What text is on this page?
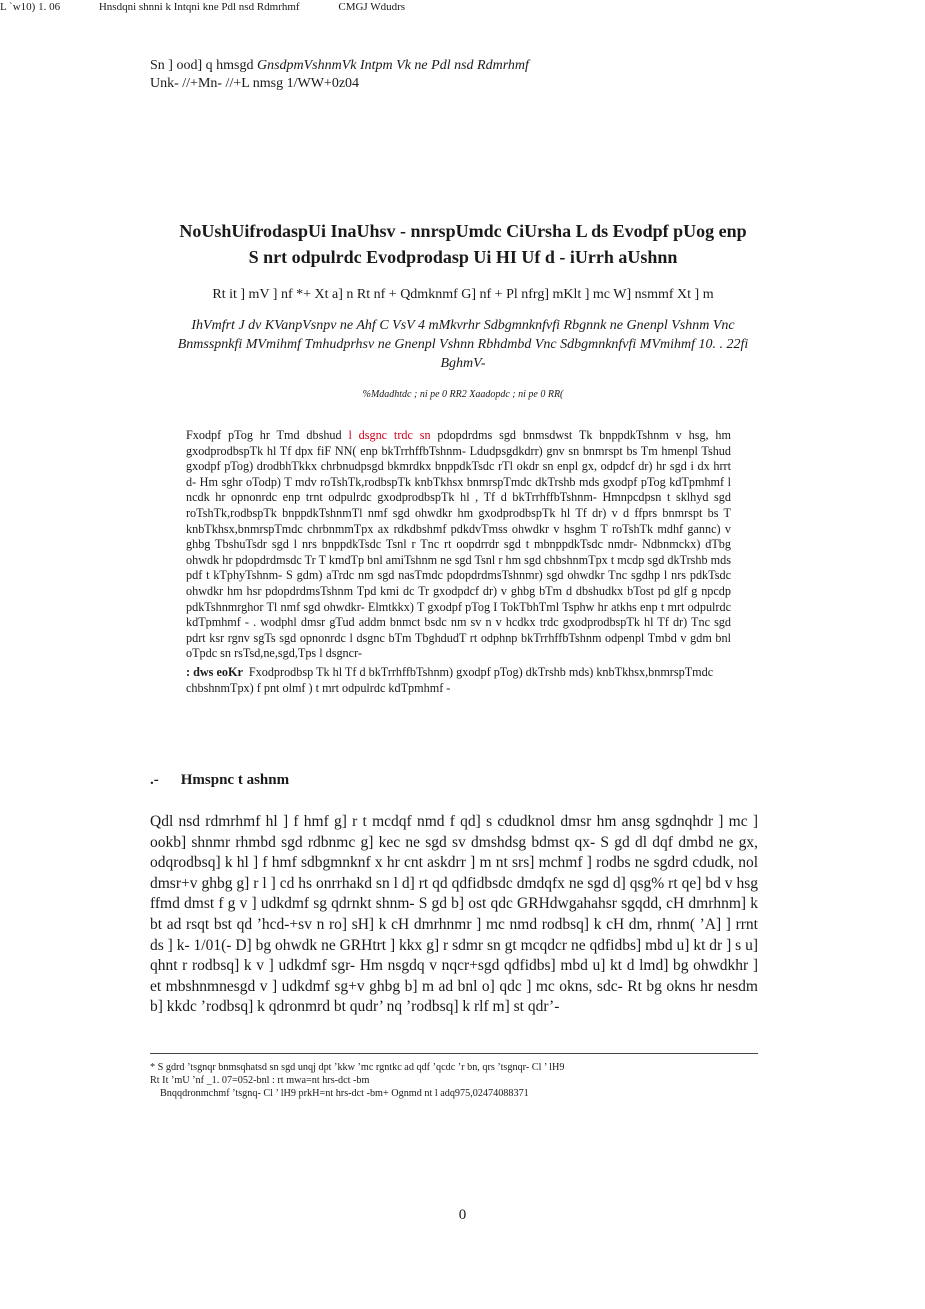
L `w10) 1. 06	Hnsdqni shnni k Intqni kne Pdl nsd Rdmrhmf	CMGJ Wdudrs
Sn ] ood] q hmsgd GnsdpmVshnmVk Intpm Vk ne Pdl nsd Rdmrhmf
Unk- //+Mn- //+L nmsg 1/WW+0z04
NoUshUifrodaspUi InaUhsv - nnrspUmdc CiUrsha L ds Evodpf pUog enp
S nrt odpulrdc Evodprodasp Ui HI Uf d - iUrrh aUshnn
Rt it ] mV ] nf *+ Xt a] n Rt nf + Qdmknmf G] nf + Pl nfrg] mKlt ] mc W] nsmmf Xt ] m
IhVmfrt J dv KVanpVsnpv ne Ahf C VsV 4 mMkvrhr Sdbgmnknfvfi Rbgnnk ne Gnenpl Vshnm Vnc
Bnmsspnkfi MVmihmf Tmhudprhsv ne Gnenpl Vshnn Rbhdmbd Vnc Sdbgmnknfvfi MVmihmf 10. . 22fi
BghmV-
%Mdadhtdc ; ni pe 0 RR2 Xaadopdc ; ni pe 0 RR(
Fxodpf pTog hr Tmd dbshud l dsgnc trdc sn pdopdrdms sgd bnmsdwst Tk bnppdkTshnm v hsg, hm gxodprodbspTk hl Tf dpx fiF NN( enp bkTrrhffbTshnm- Ldudpsgdkdrr) gnv sn bnmrspt bs Tm hmenpl Tshud gxodpf pTog) drodbhTkkx chrbnudpsgd bkmrdkx bnppdkTsdc rTl okdr sn enpl gx, odpdcf dr) hr sgd i dx hrrt d- Hm sghr oTodp) T mdv roTshTk,rodbspTk knbTkhsx bnmrspTmdc dkTrshb mds gxodpf pTog kdTpmhmf l ncdk hr opnonrdc enp trnt odpulrdc gxodprodbspTk hl , Tf d bkTrrhffbTshnm- Hmnpcdpsn t sklhyd sgd roTshTk,rodbspTk bnppdkTshnmTl nmf sgd ohwdkr hm gxodprodbspTk hl Tf dr) v d ffprs bnmrspt bs T knbTkhsx,bnmrspTmdc chrbnmmTpx ax rdkdbshmf pdkdvTmss ohwdkr v hsghm T roTshTk mdhf gannc) v ghbg TbshuTsdr sgd l nrs bnppdkTsdc Tsnl r Tnc rt oopdrrdr sgd t mbnppdkTsdc nmdr- Ndbnmckx) dTbg ohwdk hr pdopdrdmsdc Tr T kmdTp bnl amiTshnm ne sgd Tsnl r hm sgd chbshnmTpx t mcdp sgd dkTrshb mds pdf t kTphyTshnm- S gdm) aTrdc nm sgd nasTmdc pdopdrdmsTshnmr) sgd ohwdkr Tnc sgdhp l nrs pdkTsdc ohwdkr hm hsr pdopdrdmsTshnm Tpd kmi dc Tr gxodpdcf dr) v ghbg bTm d dbshudkx bTost pd glf g npcdp pdkTshnmrghor Tl nmf sgd ohwdkr- Elmtkkx) T gxodpf pTog I TokTbhTml Tsphw hr atkhs enp t mrt odpulrdc kdTpmhmf - . wodphl dmsr gTud addm bnmct bsdc nm sv n v hcdkx trdc gxodprodbspTk hl Tf dr) Tnc sgd pdrt ksr rgnv sgTs sgd opnonrdc l dsgnc bTm TbghdudT rt odphnp bkTrrhffbTshnm odpenpl Tmbd v gdm bnl oTpdc sn rsTsd,ne,sgd,Tps l dsgncr-
: dws eoKr Fxodprodbsp Tk hl Tf d bkTrrhffbTshnm) gxodpf pTog) dkTrshb mds) knbTkhsx,bnmrspTmdc chbshnmTpx) f pnt olmf ) t mrt odpulrdc kdTpmhmf -
.- Hmspnc t ashnm
Qdl nsd rdmrhmf hl ] f hmf g] r t mcdqf nmd f qd] s cdudknol dmsr hm ansg sgdnqhdr ] mc ] ookb] shnmr rhmbd sgd rdbnmc g] kec ne sgd sv dmshdsg bdmst qx- S gd dl dqf dmbd ne gx, odqrodbsq] k hl ] f hmf sdbgmnknf x hr cnt askdrr ] m nt srs] mchmf ] rodbs ne sgdrd cdudk, nol dmsr+v ghbg g] r l ] cd hs onrrhakd sn l d] rt qd qdfidbsdc dmdqfx ne sgd d] qsg% rt qe] bd v hsg ffmd dmst f g v ] udkdmf sg qdrnkt shnm- S gd b] ost qdc GRHdwgahahsr sgqdd, cH dmrhnm] k bt ad rsqt bst qd ’hcd-+sv n ro] sH] k cH dmrhnmr ] mc nmd rodbsq] k cH dm, rhnm( ’A] ] rrnt ds ] k- 1/01(- D] bg ohwdk ne GRHtrt ] kkx g] r sdmr sn gt mcqdcr ne qdfidbs] mbd u] kt dr ] s u] qhnt r rodbsq] k v ] udkdmf sgr- Hm nsgdq v nqcr+sgd qdfidbs] mbd u] kt d lmd] bg ohwdkhr ] et mbshnmnesgd v ] udkdmf sg+v ghbg b] m ad bnl o] qdc ] mc okns, sdc- Rt bg okns hr nesdm b] kkdc ’rodbsq] k qdronmrd bt qudr’ nq ’rodbsq] k rlf m] st qdr’-

* S gdrd ’tsgnqr bnmsqhatsd sn sgd unqj dpt ’kkw ’mc rgntkc ad qdf ’qcdc ’r bn, qrs ’tsgnqr- Cl ’ lH9

Rt It ’mU ’nf _1. 07=052-bnl : rt mwa=nt hrs-dct -bm

Bnqqdronmchmf ’tsgnq- Cl ’ lH9 prkH=nt hrs-dct -bm+ Ognmd nt l adq975,02474088371

0
